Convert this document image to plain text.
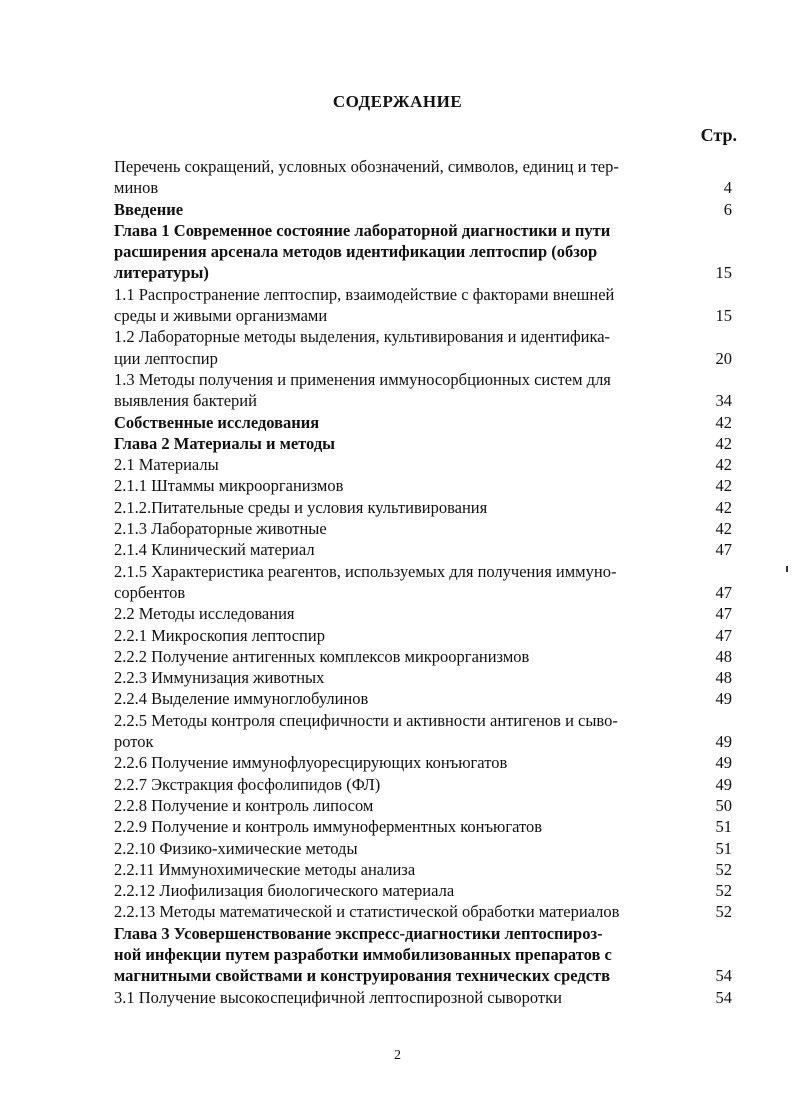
СОДЕРЖАНИЕ
Стр.
Перечень сокращений, условных обозначений, символов, единиц и тер-
минов	4
Введение	6
Глава 1 Современное состояние лабораторной диагностики и пути
расширения арсенала методов идентификации лептоспир (обзор
литературы)	15
1.1 Распространение лептоспир, взаимодействие с факторами внешней
среды и живыми организмами	15
1.2 Лабораторные методы выделения, культивирования и идентифика-
ции лептоспир	20
1.3 Методы получения и применения иммуносорбционных систем для
выявления бактерий	34
Собственные исследования	42
Глава 2 Материалы и методы	42
2.1 Материалы	42
2.1.1 Штаммы микроорганизмов	42
2.1.2.Питательные среды и условия культивирования	42
2.1.3 Лабораторные животные	42
2.1.4 Клинический материал	47
2.1.5 Характеристика реагентов, используемых для получения иммуно-
сорбентов	47
2.2 Методы исследования	47
2.2.1 Микроскопия лептоспир	47
2.2.2 Получение антигенных комплексов микроорганизмов	48
2.2.3 Иммунизация животных	48
2.2.4 Выделение иммуноглобулинов	49
2.2.5 Методы контроля специфичности и активности антигенов и сыво-
роток	49
2.2.6 Получение иммунофлуоресцирующих конъюгатов	49
2.2.7 Экстракция фосфолипидов (ФЛ)	49
2.2.8 Получение и контроль липосом	50
2.2.9 Получение и контроль иммуноферментных конъюгатов	51
2.2.10 Физико-химические методы	51
2.2.11 Иммунохимические методы анализа	52
2.2.12 Лиофилизация биологического материала	52
2.2.13 Методы математической и статистической обработки материалов	52
Глава 3 Усовершенствование экспресс-диагностики лептоспироз-
ной инфекции путем разработки иммобилизованных препаратов с
магнитными свойствами и конструирования технических средств	54
3.1 Получение высокоспецифичной лептоспирозной сыворотки	54
2
